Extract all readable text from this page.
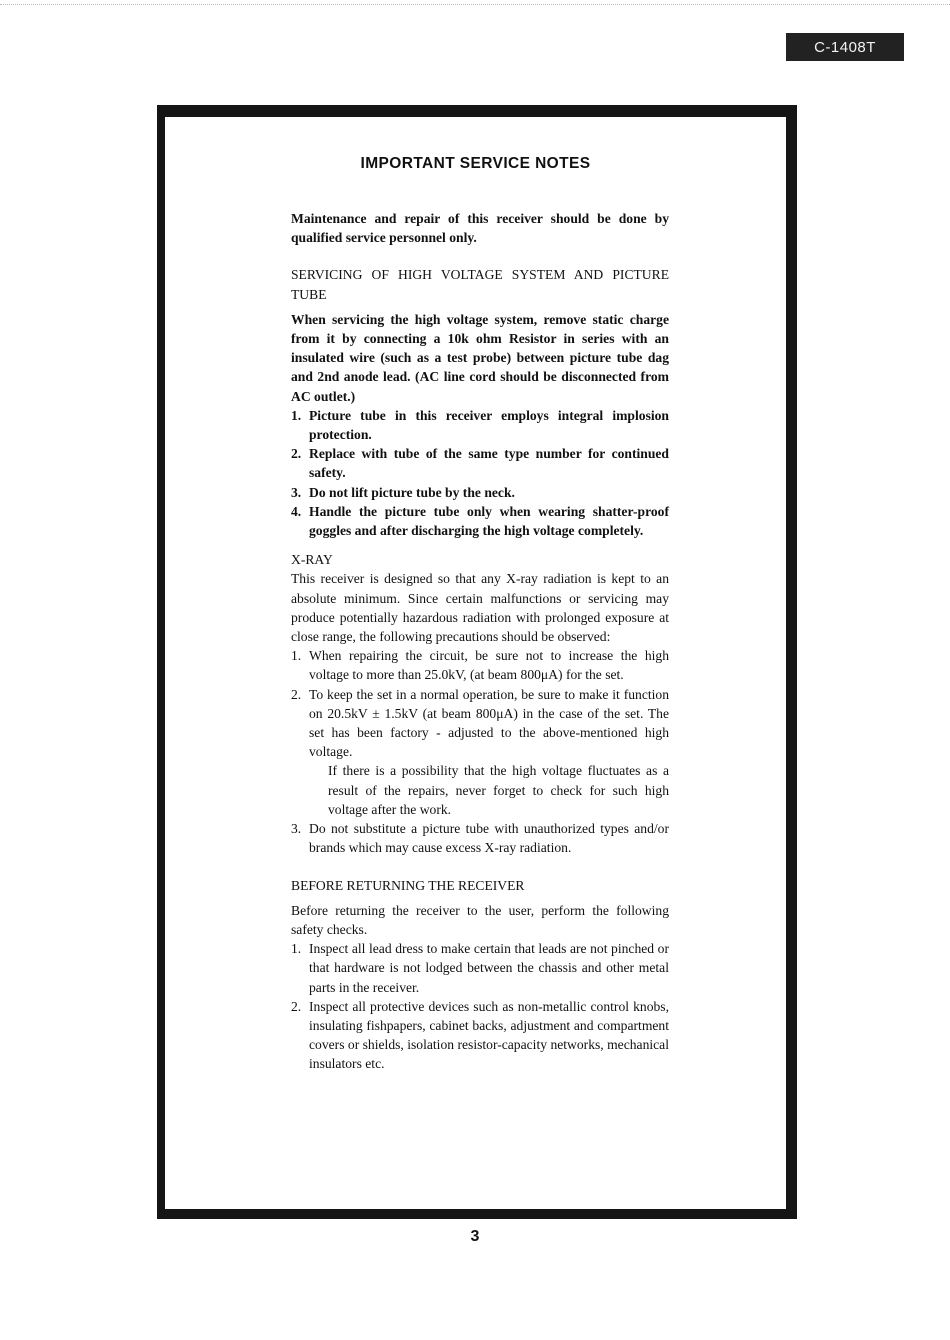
C-1408T
IMPORTANT SERVICE NOTES

Maintenance and repair of this receiver should be done by qualified service personnel only.

SERVICING OF HIGH VOLTAGE SYSTEM AND PICTURE TUBE

When servicing the high voltage system, remove static charge from it by connecting a 10k ohm Resistor in series with an insulated wire (such as a test probe) between picture tube dag and 2nd anode lead. (AC line cord should be disconnected from AC outlet.)

1. Picture tube in this receiver employs integral implosion protection.
2. Replace with tube of the same type number for continued safety.
3. Do not lift picture tube by the neck.
4. Handle the picture tube only when wearing shatter-proof goggles and after discharging the high voltage completely.

X-RAY

This receiver is designed so that any X-ray radiation is kept to an absolute minimum. Since certain malfunctions or servicing may produce potentially hazardous radiation with prolonged exposure at close range, the following precautions should be observed:

1. When repairing the circuit, be sure not to increase the high voltage to more than 25.0kV, (at beam 800μA) for the set.
2. To keep the set in a normal operation, be sure to make it function on 20.5kV ± 1.5kV (at beam 800μA) in the case of the set. The set has been factory - adjusted to the above-mentioned high voltage.
If there is a possibility that the high voltage fluctuates as a result of the repairs, never forget to check for such high voltage after the work.
3. Do not substitute a picture tube with unauthorized types and/or brands which may cause excess X-ray radiation.

BEFORE RETURNING THE RECEIVER

Before returning the receiver to the user, perform the following safety checks.

1. Inspect all lead dress to make certain that leads are not pinched or that hardware is not lodged between the chassis and other metal parts in the receiver.
2. Inspect all protective devices such as non-metallic control knobs, insulating fishpapers, cabinet backs, adjustment and compartment covers or shields, isolation resistor-capacity networks, mechanical insulators etc.
3
